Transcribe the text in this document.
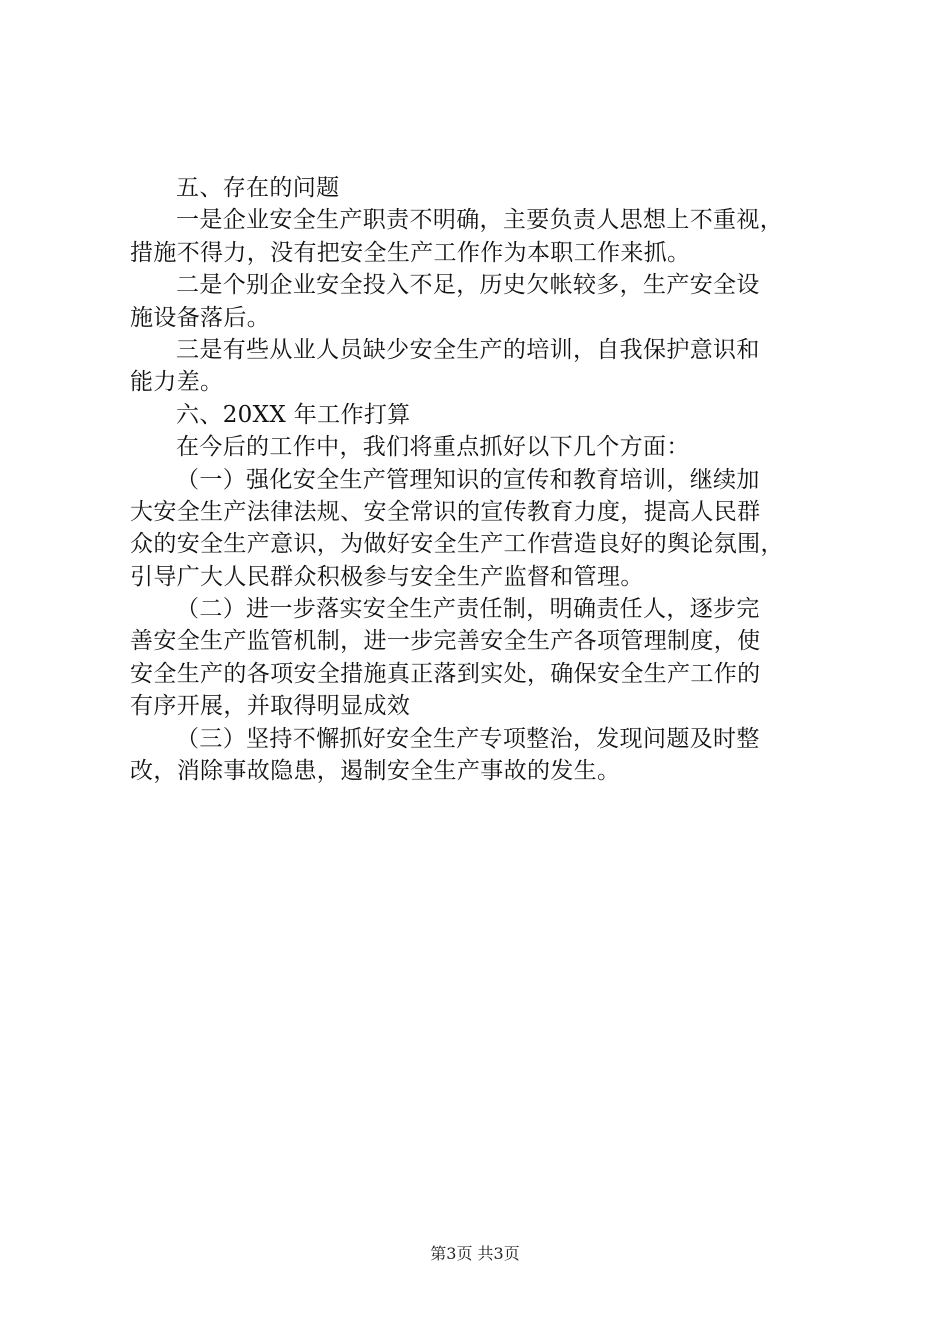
五、存在的问题
一是企业安全生产职责不明确，主要负责人思想上不重视，
措施不得力，没有把安全生产工作作为本职工作来抓。
二是个别企业安全投入不足，历史欠帐较多，生产安全设
施设备落后。
三是有些从业人员缺少安全生产的培训，自我保护意识和
能力差。
六、20XX 年工作打算
在今后的工作中，我们将重点抓好以下几个方面：
（一）强化安全生产管理知识的宣传和教育培训，继续加
大安全生产法律法规、安全常识的宣传教育力度，提高人民群
众的安全生产意识，为做好安全生产工作营造良好的舆论氛围，
引导广大人民群众积极参与安全生产监督和管理。
（二）进一步落实安全生产责任制，明确责任人，逐步完
善安全生产监管机制，进一步完善安全生产各项管理制度，使
安全生产的各项安全措施真正落到实处，确保安全生产工作的
有序开展，并取得明显成效
（三）坚持不懈抓好安全生产专项整治，发现问题及时整
改，消除事故隐患，遏制安全生产事故的发生。
第3页 共3页
